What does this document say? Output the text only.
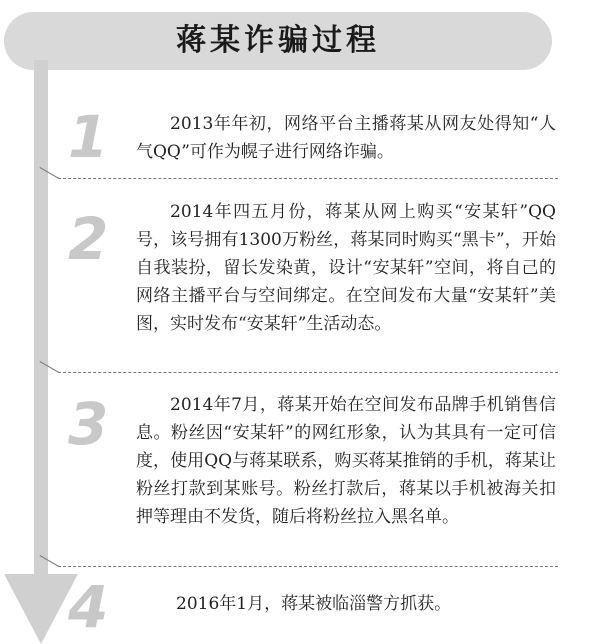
蒋某诈骗过程
1	2013年年初，网络平台主播蒋某从网友处得知“人气QQ”可作为幌子进行网络诈骗。

2	2014年四五月份，蒋某从网上购买“安某轩”QQ号，该号拥有1300万粉丝，蒋某同时购买“黑卡”，开始自我装扮，留长发染黄，设计“安某轩”空间，将自己的网络主播平台与空间绑定。在空间发布大量“安某轩”美图，实时发布“安某轩”生活动态。

3	2014年7月，蒋某开始在空间发布品牌手机销售信息。粉丝因“安某轩”的网红形象，认为其具有一定可信度，使用QQ与蒋某联系，购买蒋某推销的手机，蒋某让粉丝打款到某账号。粉丝打款后，蒋某以手机被海关扣押等理由不发货，随后将粉丝拉入黑名单。

4	2016年1月，蒋某被临淄警方抓获。
